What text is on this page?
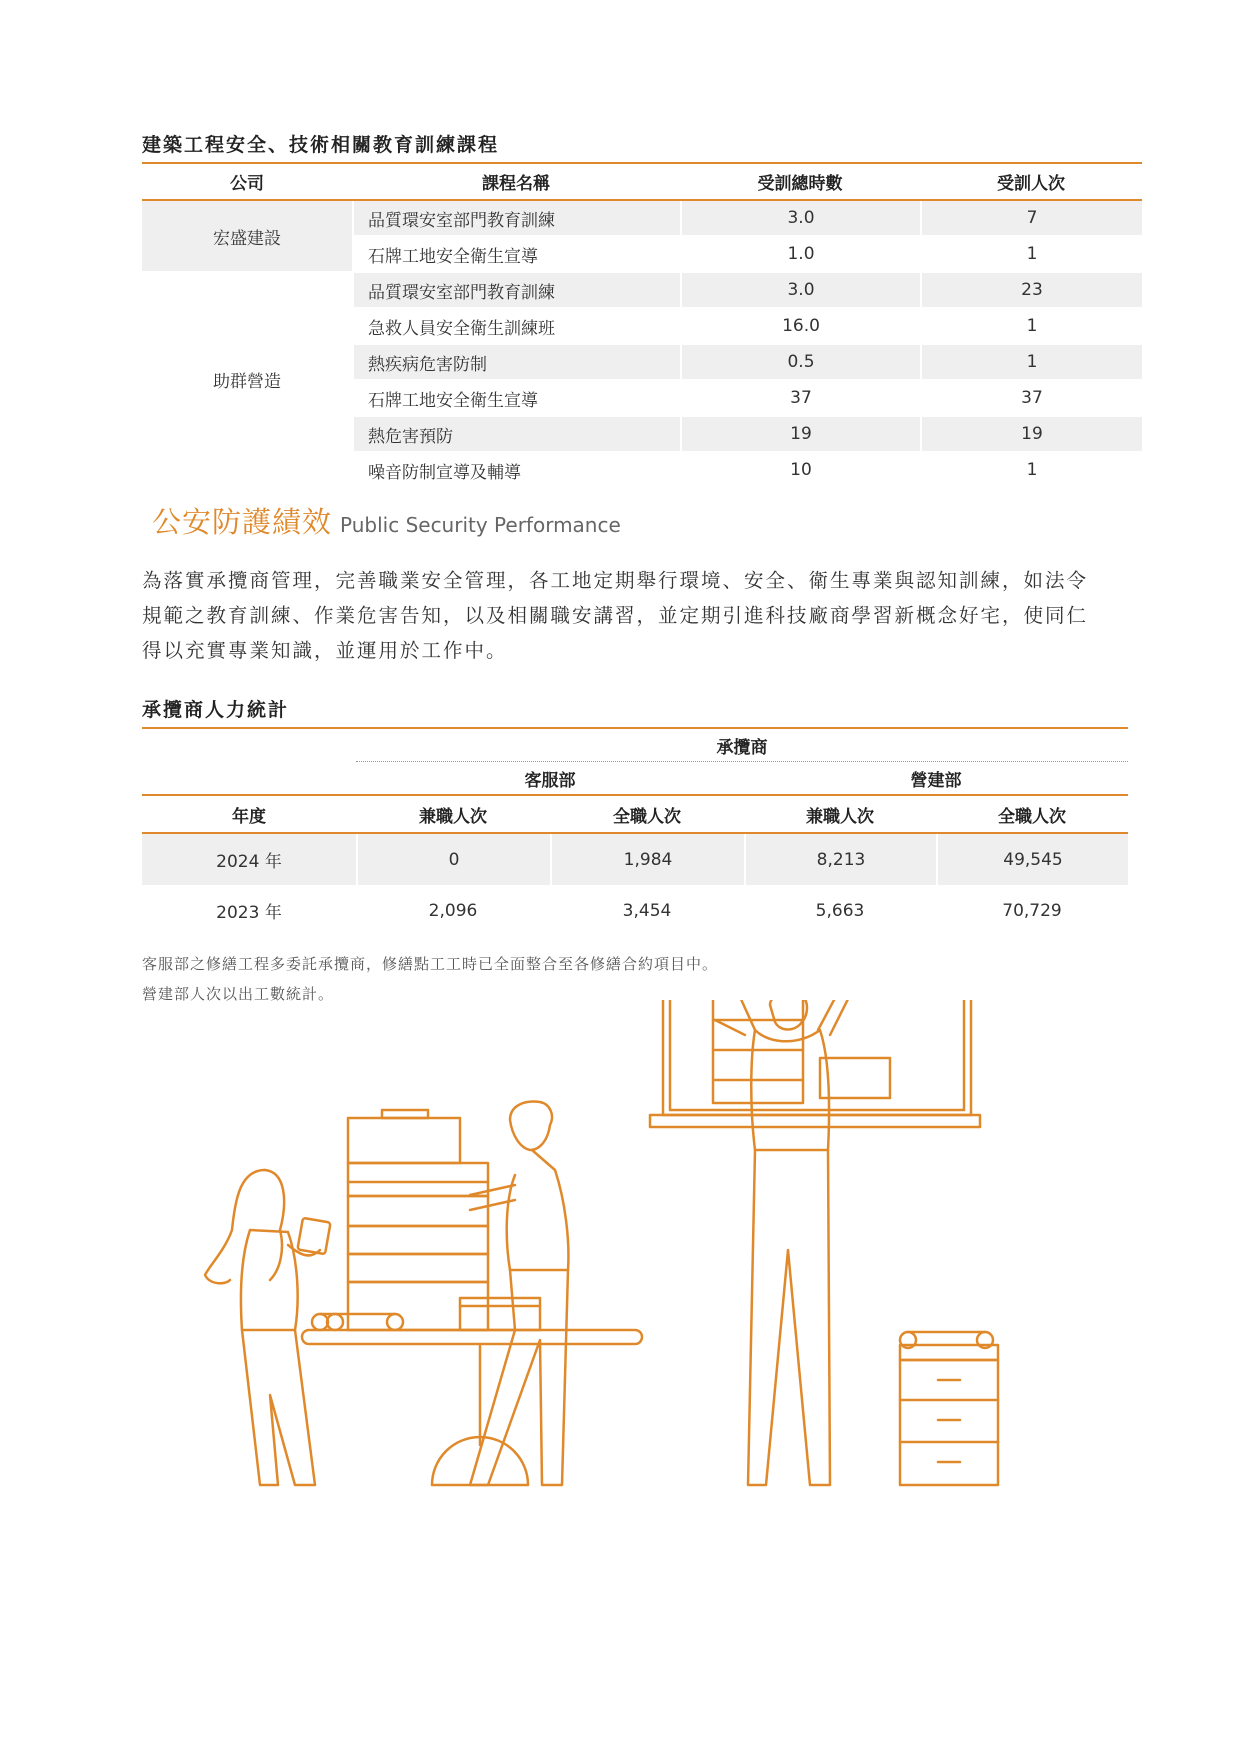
建築工程安全、技術相關教育訓練課程
公司	課程名稱	受訓總時數	受訓人次
宏盛建設	品質環安室部門教育訓練	3.0	7
	石牌工地安全衛生宣導	1.0	1
助群營造	品質環安室部門教育訓練	3.0	23
	急救人員安全衛生訓練班	16.0	1
	熱疾病危害防制	0.5	1
	石牌工地安全衛生宣導	37	37
	熱危害預防	19	19
	噪音防制宣導及輔導	10	1
公安防護績效 Public Security Performance
為落實承攬商管理，完善職業安全管理，各工地定期舉行環境、安全、衛生專業與認知訓練，如法令規範之教育訓練、作業危害告知，以及相關職安講習，並定期引進科技廠商學習新概念好宅，使同仁得以充實專業知識，並運用於工作中。
承攬商人力統計
	承攬商			
	客服部		營建部	
年度	兼職人次	全職人次	兼職人次	全職人次
2024 年	0	1,984	8,213	49,545
2023 年	2,096	3,454	5,663	70,729
客服部之修繕工程多委託承攬商，修繕點工工時已全面整合至各修繕合約項目中。
營建部人次以出工數統計。
